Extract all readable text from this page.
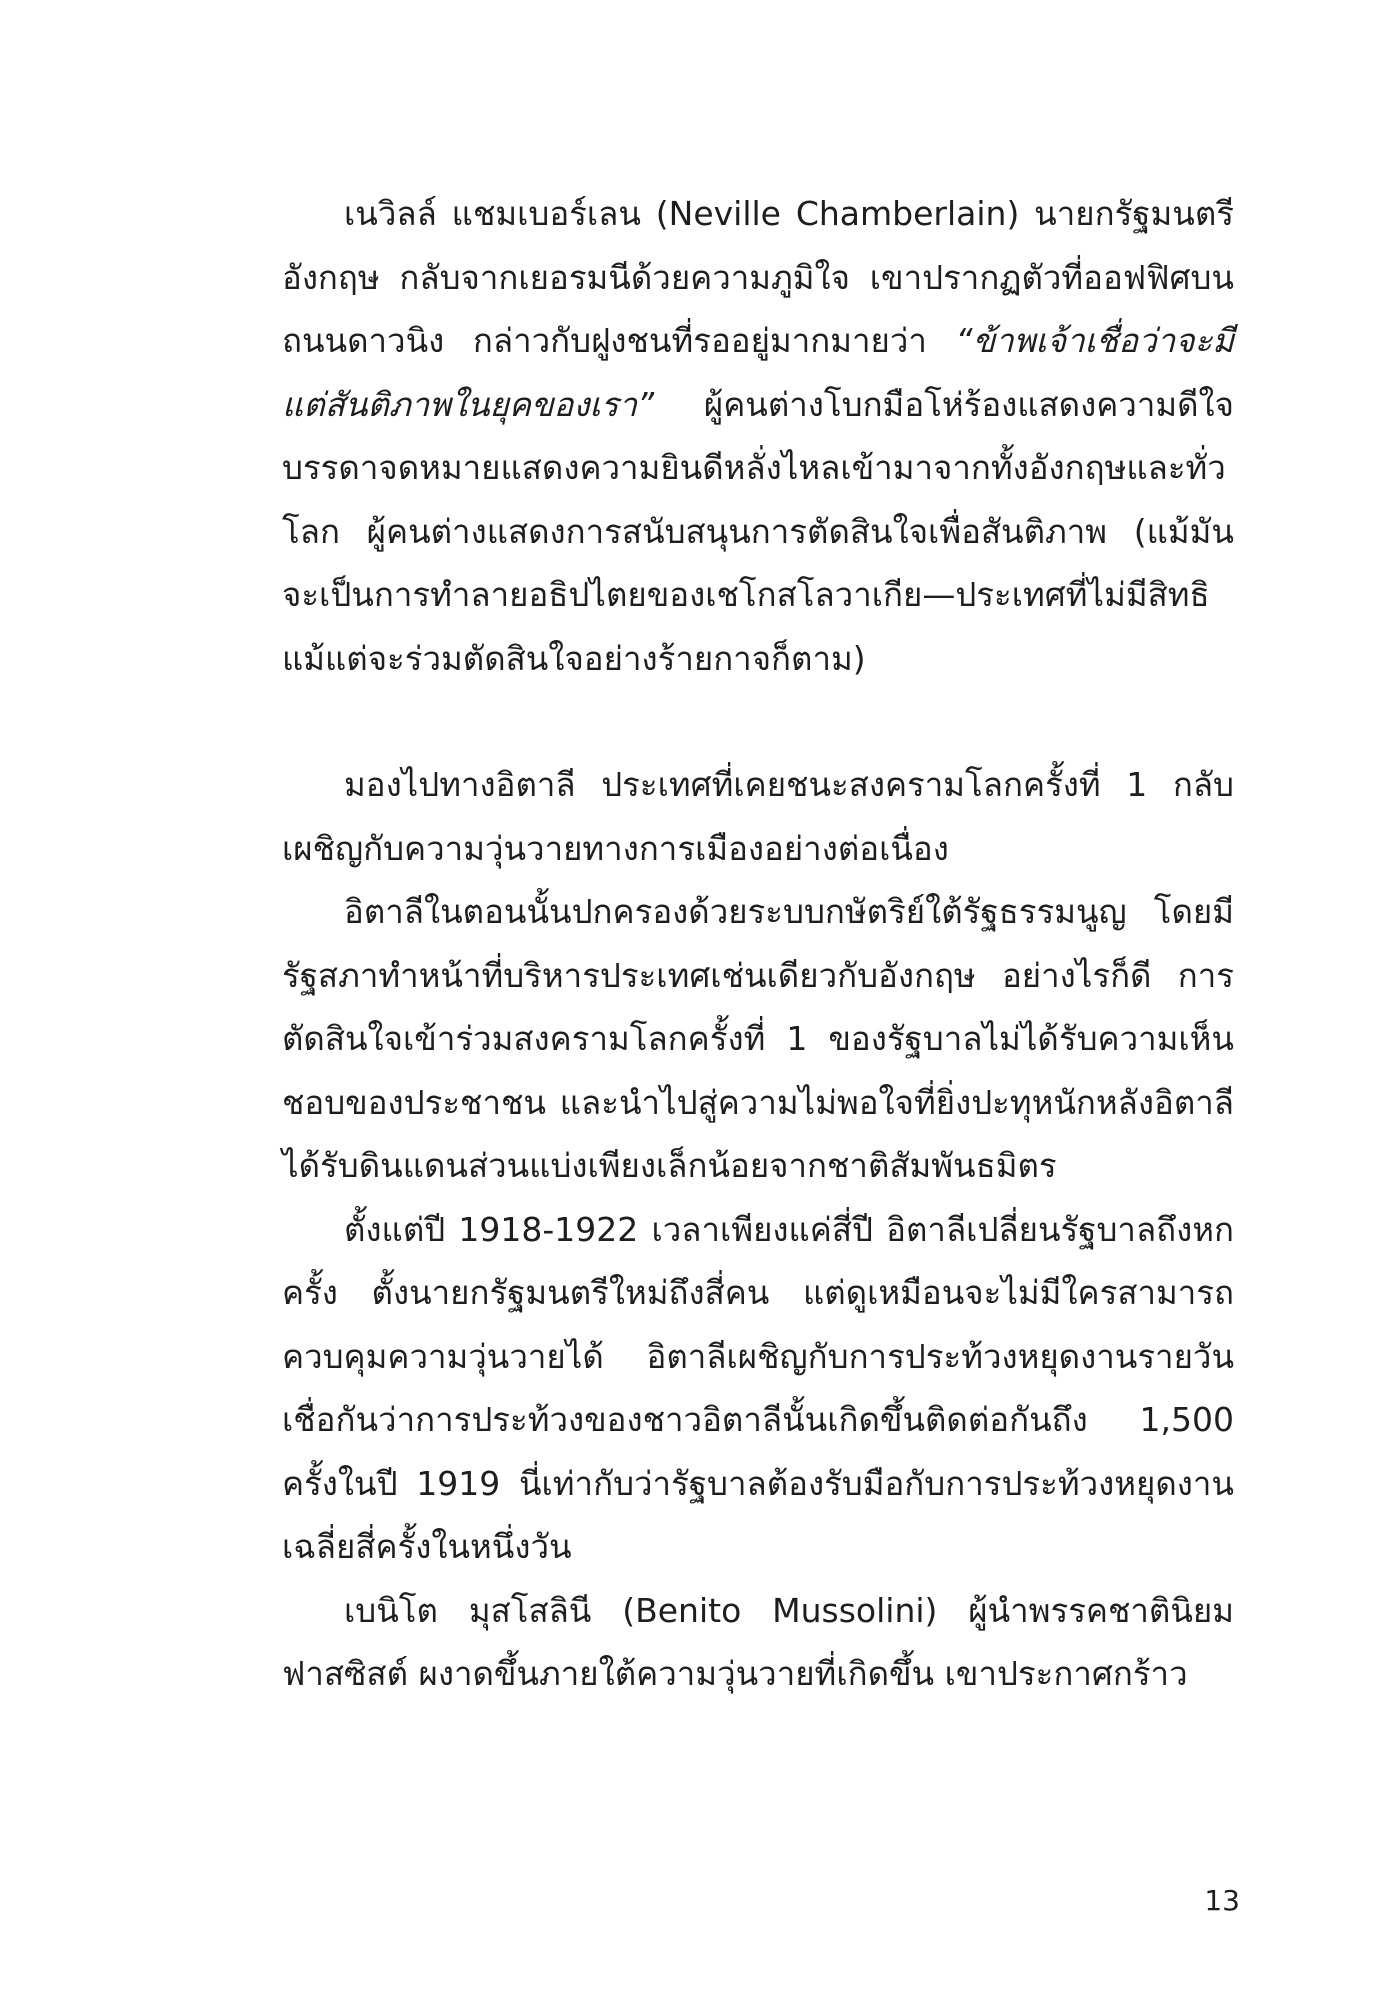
เนวิลล์ แชมเบอร์เลน (Neville Chamberlain) นายกรัฐมนตรีอังกฤษ กลับจากเยอรมนีด้วยความภูมิใจ เขาปรากฏตัวที่ออฟฟิศบนถนนดาวนิง กล่าวกับฝูงชนที่รออยู่มากมายว่า “ข้าพเจ้าเชื่อว่าจะมีแต่สันติภาพในยุคของเรา” ผู้คนต่างโบกมือโห่ร้องแสดงความดีใจ บรรดาจดหมายแสดงความยินดีหลั่งไหลเข้ามาจากทั้งอังกฤษและทั่วโลก ผู้คนต่างแสดงการสนับสนุนการตัดสินใจเพื่อสันติภาพ (แม้มันจะเป็นการทำลายอธิปไตยของเชโกสโลวาเกีย—ประเทศที่ไม่มีสิทธิแม้แต่จะร่วมตัดสินใจอย่างร้ายกาจก็ตาม)

มองไปทางอิตาลี ประเทศที่เคยชนะสงครามโลกครั้งที่ 1 กลับเผชิญกับความวุ่นวายทางการเมืองอย่างต่อเนื่อง

อิตาลีในตอนนั้นปกครองด้วยระบบกษัตริย์ใต้รัฐธรรมนูญ โดยมีรัฐสภาทำหน้าที่บริหารประเทศเช่นเดียวกับอังกฤษ อย่างไรก็ดี การตัดสินใจเข้าร่วมสงครามโลกครั้งที่ 1 ของรัฐบาลไม่ได้รับความเห็นชอบของประชาชน และนำไปสู่ความไม่พอใจที่ยิ่งปะทุหนักหลังอิตาลีได้รับดินแดนส่วนแบ่งเพียงเล็กน้อยจากชาติสัมพันธมิตร

ตั้งแต่ปี 1918-1922 เวลาเพียงแค่สี่ปี อิตาลีเปลี่ยนรัฐบาลถึงหกครั้ง ตั้งนายกรัฐมนตรีใหม่ถึงสี่คน แต่ดูเหมือนจะไม่มีใครสามารถควบคุมความวุ่นวายได้ อิตาลีเผชิญกับการประท้วงหยุดงานรายวัน เชื่อกันว่าการประท้วงของชาวอิตาลีนั้นเกิดขึ้นติดต่อกันถึง 1,500 ครั้งในปี 1919 นี่เท่ากับว่ารัฐบาลต้องรับมือกับการประท้วงหยุดงานเฉลี่ยสี่ครั้งในหนึ่งวัน

เบนิโต มุสโสลินี (Benito Mussolini) ผู้นำพรรคชาตินิยมฟาสซิสต์ ผงาดขึ้นภายใต้ความวุ่นวายที่เกิดขึ้น เขาประกาศกร้าว

13
